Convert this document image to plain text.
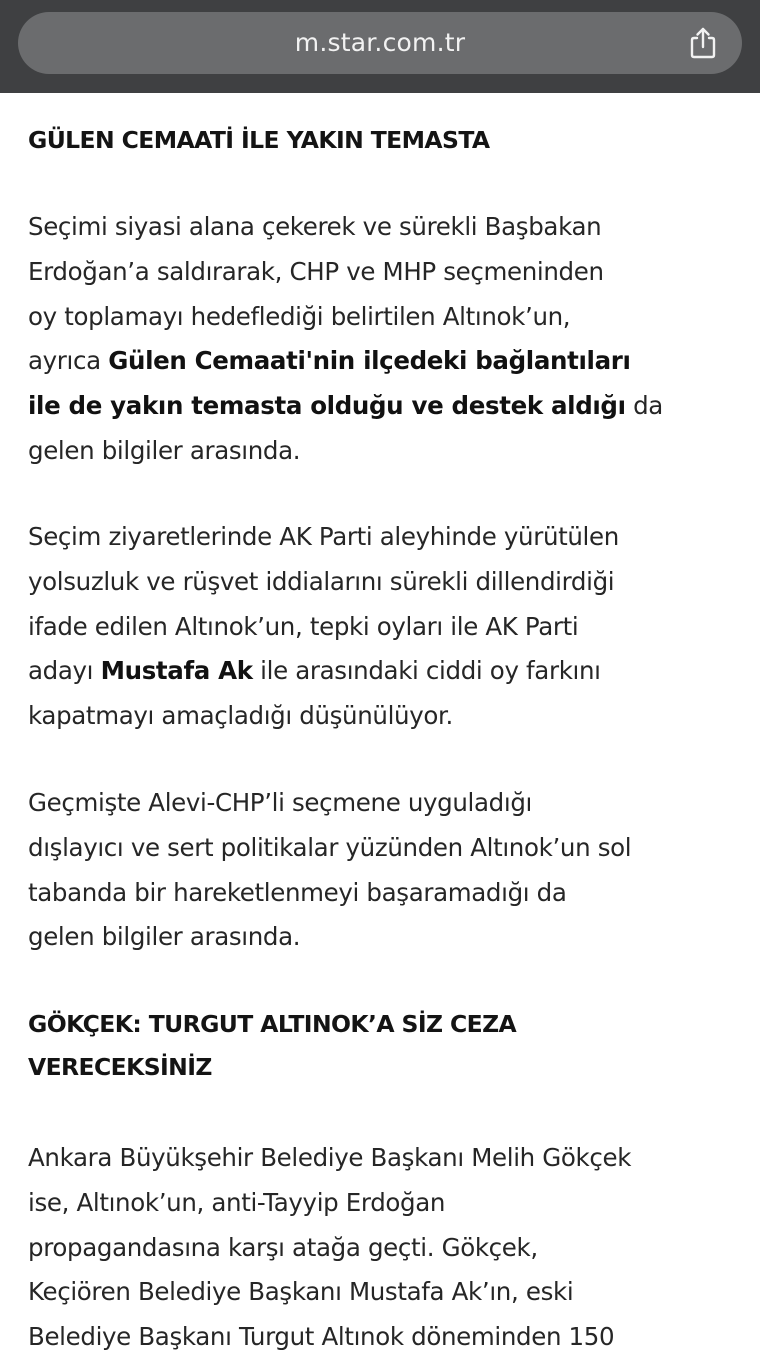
m.star.com.tr
GÜLEN CEMAATİ İLE YAKIN TEMASTA
Seçimi siyasi alana çekerek ve sürekli Başbakan
Erdoğan’a saldırarak, CHP ve MHP seçmeninden
oy toplamayı hedeflediği belirtilen Altınok’un,
ayrıca Gülen Cemaati'nin ilçedeki bağlantıları
ile de yakın temasta olduğu ve destek aldığı da
gelen bilgiler arasında.
Seçim ziyaretlerinde AK Parti aleyhinde yürütülen
yolsuzluk ve rüşvet iddialarını sürekli dillendirdiği
ifade edilen Altınok’un, tepki oyları ile AK Parti
adayı Mustafa Ak ile arasındaki ciddi oy farkını
kapatmayı amaçladığı düşünülüyor.
Geçmişte Alevi-CHP’li seçmene uyguladığı
dışlayıcı ve sert politikalar yüzünden Altınok’un sol
tabanda bir hareketlenmeyi başaramadığı da
gelen bilgiler arasında.
GÖKÇEK: TURGUT ALTINOK’A SİZ CEZA
VERECEKSİNİZ
Ankara Büyükşehir Belediye Başkanı Melih Gökçek
ise, Altınok’un, anti-Tayyip Erdoğan
propagandasına karşı atağa geçti. Gökçek,
Keçiören Belediye Başkanı Mustafa Ak’ın, eski
Belediye Başkanı Turgut Altınok döneminden 150
